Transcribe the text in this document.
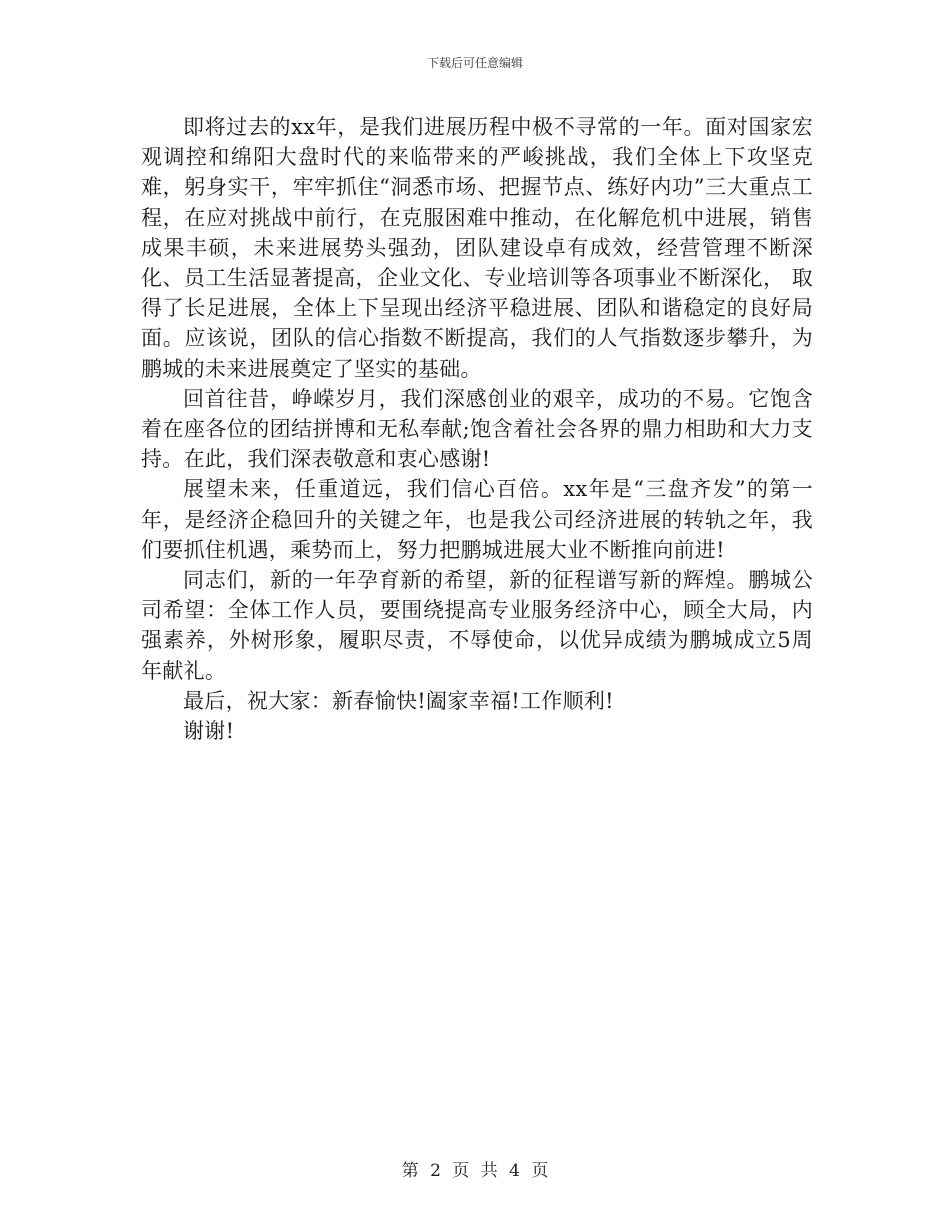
下载后可任意编辑

即将过去的xx年，是我们进展历程中极不寻常的一年。面对国家宏观调控和绵阳大盘时代的来临带来的严峻挑战，我们全体上下攻坚克难，躬身实干，牢牢抓住“洞悉市场、把握节点、练好内功”三大重点工程，在应对挑战中前行，在克服困难中推动，在化解危机中进展，销售成果丰硕，未来进展势头强劲，团队建设卓有成效，经营管理不断深化、员工生活显著提高，企业文化、专业培训等各项事业不断深化， 取得了长足进展，全体上下呈现出经济平稳进展、团队和谐稳定的良好局面。应该说，团队的信心指数不断提高，我们的人气指数逐步攀升，为鹏城的未来进展奠定了坚实的基础。

回首往昔，峥嵘岁月，我们深感创业的艰辛，成功的不易。它饱含着在座各位的团结拼博和无私奉献;饱含着社会各界的鼎力相助和大力支持。在此，我们深表敬意和衷心感谢!

展望未来，任重道远，我们信心百倍。xx年是“三盘齐发”的第一年，是经济企稳回升的关键之年，也是我公司经济进展的转轨之年，我们要抓住机遇，乘势而上，努力把鹏城进展大业不断推向前进!

同志们，新的一年孕育新的希望，新的征程谱写新的辉煌。鹏城公司希望：全体工作人员，要围绕提高专业服务经济中心，顾全大局，内强素养，外树形象，履职尽责，不辱使命，以优异成绩为鹏城成立5周年献礼。

最后，祝大家：新春愉快!阖家幸福!工作顺利!

谢谢!

第 2 页 共 4 页
